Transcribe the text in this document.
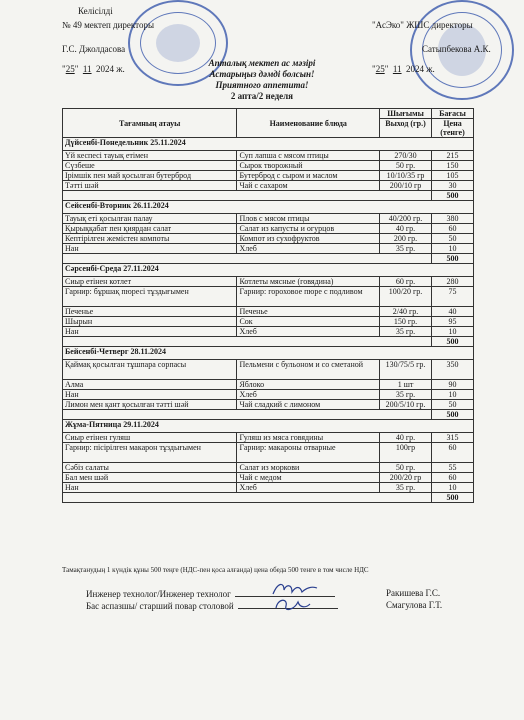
Келісілді
№ 49 мектеп директоры
Г.С. Джолдасова
"25"  11 2024 ж.
"АсЭко" ЖШС директоры
Сатыпбекова А.К.
"25"  11 2024 ж.
Апталық мектеп ас мәзірі
Астарыңыз дәмді болсын!
Приятного аппетита!
2 апта/2 неделя
Тағамның атауы	Наименование блюда	Шығымы	Бағасы
		Выход (гр.)	Цена (тенге)
Дүйсенбі-Понедельник 25.11.2024			
Үй кеспесі тауық етімен	Суп лапша с мясом птицы	270/30	215
Сүзбеше	Сырок творожный	50 гр.	150
Ірімшік пен май қосылған бутерброд	Бутерброд с сыром и маслом	10/10/35 гр	105
Тәтті шәй	Чай с сахаром	200/10 гр	30
			500
Сейсенбі-Вторник 26.11.2024			
Тауық еті қосылған палау	Плов с мясом птицы	40/200 гр.	380
Қырыққабат пен қиярдан салат	Салат из капусты и огурцов	40 гр.	60
Кептірілген жемістен компоты	Компот из сухофруктов	200 гр.	50
Нан	Хлеб	35 гр.	10
			500
Сәрсенбі-Среда 27.11.2024			
Сиыр етінен котлет	Котлеты мясные (говядина)	60 гр.	280
Гарнир: бұршақ пюресі тұздығымен	Гарнир: гороховое пюре с подливом	100/20 гр.	75
Печенье	Печенье	2/40 гр.	40
Шырын	Сок	150 гр.	95
Нан	Хлеб	35 гр.	10
			500
Бейсенбі-Четверг 28.11.2024			
Қаймақ қосылған тұшпара сорпасы	Пельмени с бульоном и со сметаной	130/75/5 гр.	350
Алма	Яблоко	1 шт	90
Нан	Хлеб	35 гр.	10
Лимон мен қант қосылған тәтті шәй	Чай сладкий с лимоном	200/5/10 гр.	50
			500
Жұма-Пятница 29.11.2024			
Сиыр етінен гуляш	Гуляш из мяса говядины	40 гр.	315
Гарнир: пісірілген макарон тұздығымен	Гарнир: макароны отварные	100гр	60
Сәбіз салаты	Салат из моркови	50 гр.	55
Бал мен шәй	Чай с медом	200/20 гр	60
Нан	Хлеб	35 гр.	10
			500
Тамақтанудың 1 күндік құны 500 теңге (НДС-пен қоса алғанда) цена обеда 500 тенге в том числе НДС
Инженер технолог/Инженер технолог	Ракишева Г.С.
Бас аспазшы/ старший повар столовой	Смагулова Г.Т.
